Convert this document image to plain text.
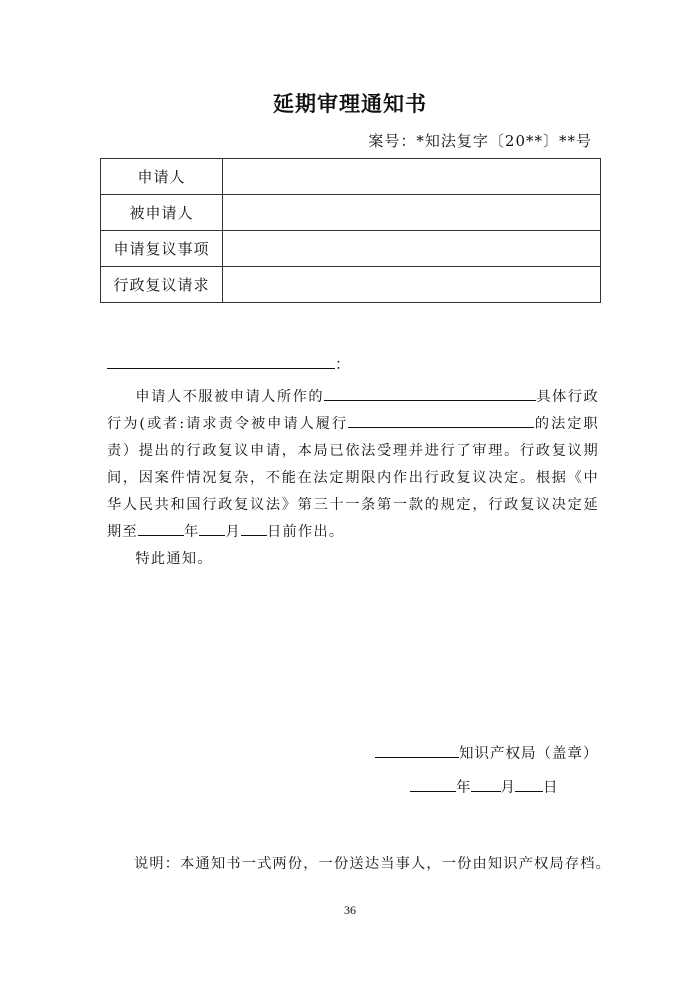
延期审理通知书
案号：*知法复字〔20**〕**号
申请人	
被申请人	
申请复议事项	
行政复议请求	
：

申请人不服被申请人所作的	具体行政行为(或者:请求责令被申请人履行	的法定职责）提出的行政复议申请，本局已依法受理并进行了审理。行政复议期间，因案件情况复杂，不能在法定期限内作出行政复议决定。根据《中华人民共和国行政复议法》第三十一条第一款的规定，行政复议决定延期至	年 月 日前作出。

特此通知。

知识产权局（盖章）
年 月 日
说明：本通知书一式两份，一份送达当事人，一份由知识产权局存档。
36
